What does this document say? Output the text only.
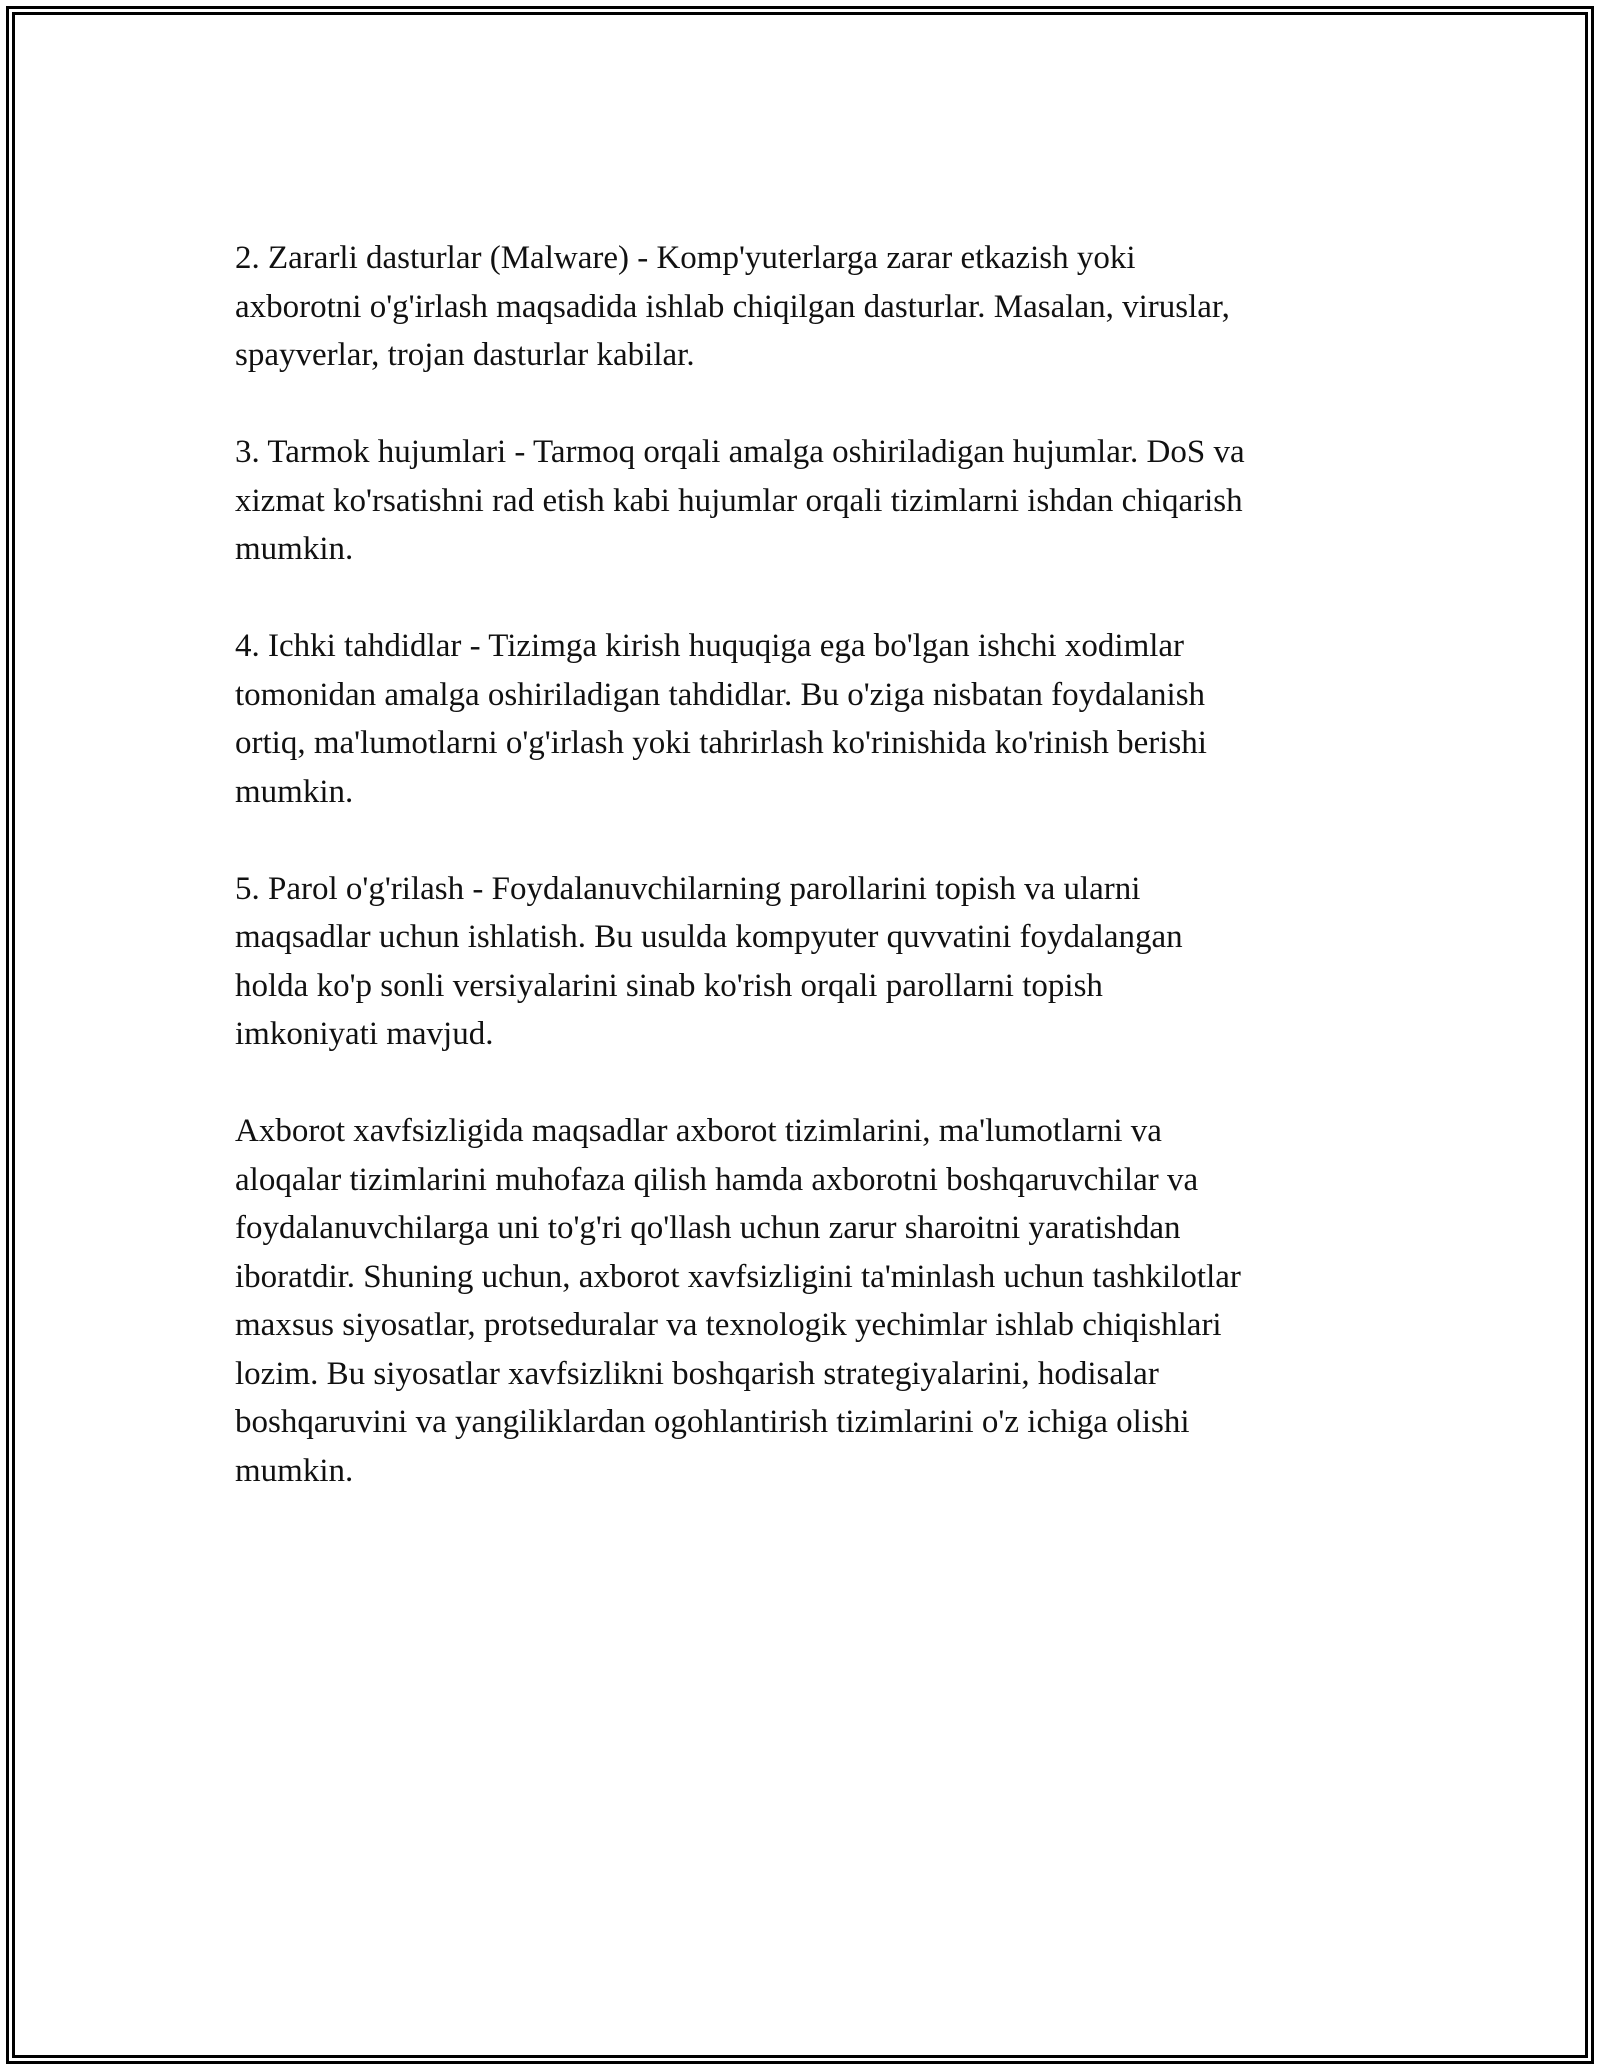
2. Zararli dasturlar (Malware) - Komp'yuterlarga zarar etkazish yoki
axborotni o'g'irlash maqsadida ishlab chiqilgan dasturlar. Masalan, viruslar,
spayverlar, trojan dasturlar kabilar.

3. Tarmok hujumlari - Tarmoq orqali amalga oshiriladigan hujumlar. DoS va
xizmat ko'rsatishni rad etish kabi hujumlar orqali tizimlarni ishdan chiqarish
mumkin.

4. Ichki tahdidlar - Tizimga kirish huquqiga ega bo'lgan ishchi xodimlar
tomonidan amalga oshiriladigan tahdidlar. Bu o'ziga nisbatan foydalanish
ortiq, ma'lumotlarni o'g'irlash yoki tahrirlash ko'rinishida ko'rinish berishi
mumkin.

5. Parol o'g'rilash - Foydalanuvchilarning parollarini topish va ularni
maqsadlar uchun ishlatish. Bu usulda kompyuter quvvatini foydalangan
holda ko'p sonli versiyalarini sinab ko'rish orqali parollarni topish
imkoniyati mavjud.

Axborot xavfsizligida maqsadlar axborot tizimlarini, ma'lumotlarni va
aloqalar tizimlarini muhofaza qilish hamda axborotni boshqaruvchilar va
foydalanuvchilarga uni to'g'ri qo'llash uchun zarur sharoitni yaratishdan
iboratdir. Shuning uchun, axborot xavfsizligini ta'minlash uchun tashkilotlar
maxsus siyosatlar, protseduralar va texnologik yechimlar ishlab chiqishlari
lozim. Bu siyosatlar xavfsizlikni boshqarish strategiyalarini, hodisalar
boshqaruvini va yangiliklardan ogohlantirish tizimlarini o'z ichiga olishi
mumkin.
